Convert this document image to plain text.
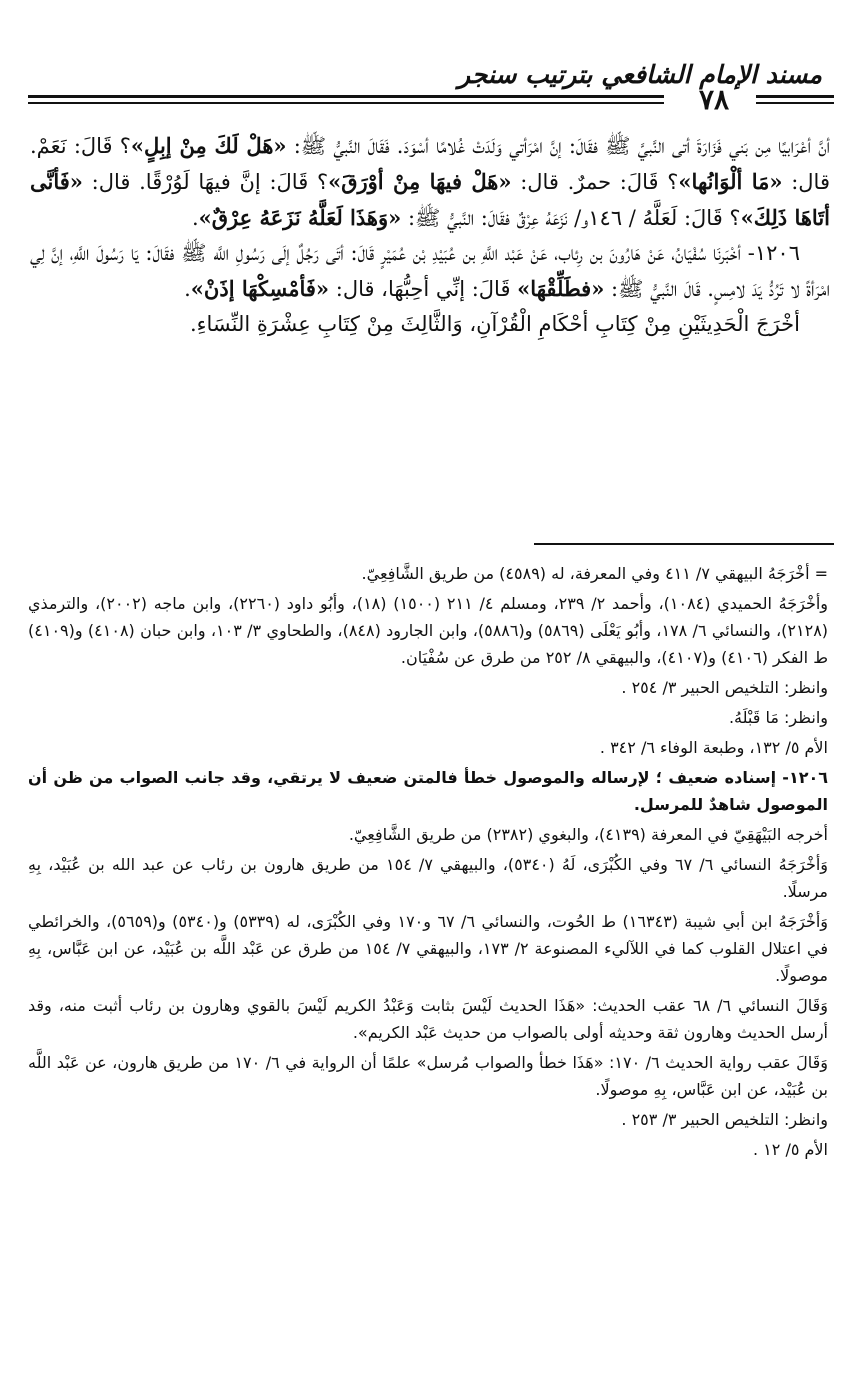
مسند الإمام الشافعي بترتيب سنجر
٧٨

أنَّ أعْرَابيًا مِن بَني فَزَارَةَ أتى النَّبيَّ ﷺ فقَالَ: إنَّ امْرَأتي وَلَدَتْ غُلامًا أسْوَدَ. فَقَالَ النَّبيُّ ﷺ: «هَلْ لَكَ مِنْ إبِلٍ»؟ قَالَ: نَعَمْ. قال: «مَا ألْوَانُها»؟ قَالَ: حمرٌ. قال: «هَلْ فيهَا مِنْ أوْرَقَ»؟ قَالَ: إنَّ فيهَا لَوُرْقًا. قال: «فَأنَّى أتَاهَا ذَلِكَ»؟ قَالَ: لَعَلَّهُ / ١٤٦و/ نَزَعَهُ عِرْقٌ فقَالَ: النَّبيُّ ﷺ: «وَهَذَا لَعَلَّهُ نَزَعَهُ عِرْقٌ».

١٢٠٦- أخْبَرنَا سُفْيَانُ، عَنْ هَارُونَ بن رِئاب، عَنْ عَبْد اللَّهِ بن عُبَيْدِ بْن عُمَيْرٍ قَالَ: أتَى رَجُلٌ إلَى رَسُولِ اللَّه ﷺ فقَالَ: يَا رَسُولَ اللَّهِ، إنَّ لِي امْرَأةً لا تَرُدُّ يَدَ لامِسٍ. قَالَ النَّبيُّ ﷺ: «فطَلِّقْهَا» قَالَ: إنِّي أحِبُّهَا، قال: «فَأمْسِكْهَا إذَنْ».

أخْرَجَ الْحَدِيثَيْنِ مِنْ كِتَابِ أحْكَامِ الْقُرْآنِ، وَالثَّالِثَ مِنْ كِتَابِ عِشْرَةِ النِّسَاءِ.

= أخْرَجَهُ البيهقي ٧/ ٤١١ وفي المعرفة، له (٤٥٨٩) من طريق الشَّافِعِيّ.

وأخْرَجَهُ الحميدي (١٠٨٤)، وأحمد ٢/ ٢٣٩، ومسلم ٤/ ٢١١ (١٥٠٠) (١٨)، وأبُو داود (٢٢٦٠)، وابن ماجه (٢٠٠٢)، والترمذي (٢١٢٨)، والنسائي ٦/ ١٧٨، وأبُو يَعْلَى (٥٨٦٩) و(٥٨٨٦)، وابن الجارود (٨٤٨)، والطحاوي ٣/ ١٠٣، وابن حبان (٤١٠٨) و(٤١٠٩) ط الفكر (٤١٠٦) و(٤١٠٧)، والبيهقي ٨/ ٢٥٢ من طرق عن سُفْيَان.

وانظر: التلخيص الحبير ٣/ ٢٥٤ .

وانظر: مَا قَبْلَهُ.

الأم ٥/ ١٣٢، وطبعة الوفاء ٦/ ٣٤٢ .

١٢٠٦- إسناده ضعيف ؛ لإرساله والموصول خطأ فالمتن ضعيف لا يرتقي، وقد جانب الصواب من ظن أن الموصول شاهدٌ للمرسل.

أخرجه البَيْهَقِيّ في المعرفة (٤١٣٩)، والبغوي (٢٣٨٢) من طريق الشَّافِعِيّ.

وَأخْرَجَهُ النسائي ٦/ ٦٧ وفي الكُبْرَى، لَهُ (٥٣٤٠)، والبيهقي ٧/ ١٥٤ من طريق هارون بن رئاب عن عبد الله بن عُبَيْد، بِهِ مرسلًا.

وَأخْرَجَهُ ابن أبي شيبة (١٦٣٤٣) ط الحُوت، والنسائي ٦/ ٦٧ و١٧٠ وفي الكُبْرَى، له (٥٣٣٩) و(٥٣٤٠) و(٥٦٥٩)، والخرائطي في اعتلال القلوب كما في اللآليء المصنوعة ٢/ ١٧٣، والبيهقي ٧/ ١٥٤ من طرق عن عَبْد اللَّه بن عُبَيْد، عن ابن عَبَّاس، بِهِ موصولًا.

وَقَالَ النسائي ٦/ ٦٨ عقب الحديث: «هَذَا الحديث لَيْسَ بثابت وَعَبْدُ الكريم لَيْسَ بالقوي وهارون بن رئاب أثبت منه، وقد أرسل الحديث وهارون ثقة وحديثه أولى بالصواب من حديث عَبْد الكريم».

وَقَالَ عقب رواية الحديث ٦/ ١٧٠: «هَذَا خطأ والصواب مُرسل» علمًا أن الرواية في ٦/ ١٧٠ من طريق هارون، عن عَبْد اللَّه بن عُبَيْد، عن ابن عَبَّاس، بِهِ موصولًا.

وانظر: التلخيص الحبير ٣/ ٢٥٣ .

الأم ٥/ ١٢ .
